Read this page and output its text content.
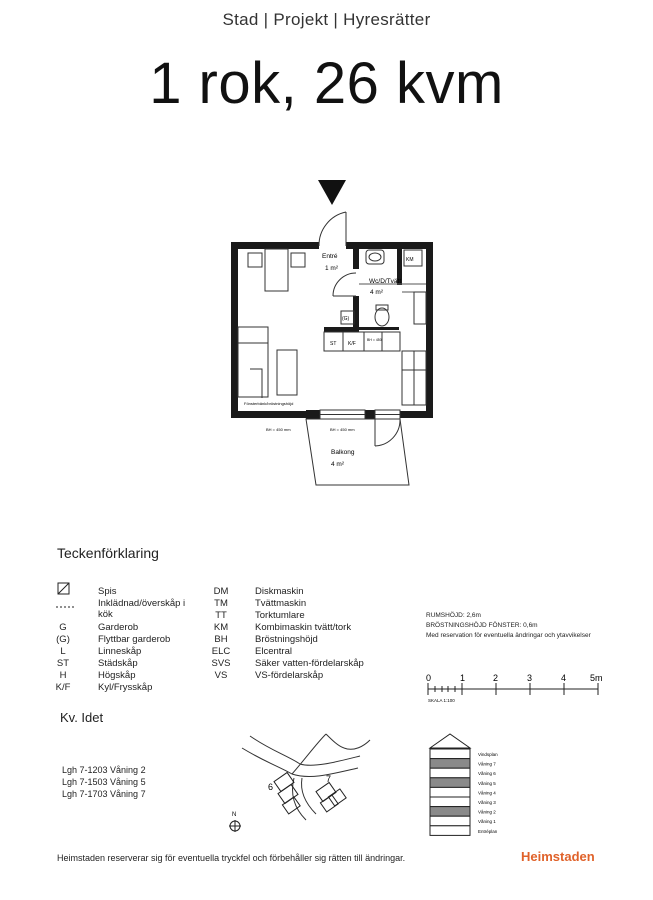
Stad | Projekt | Hyresrätter
1 rok, 26 kvm
Entré
1 m²
Wc/D/Tvätt
4 m²
KM
(G)
ST K/F
BH = 450
Fönsterbänk/bröstningshöjd
BH = 450 mm	BH = 450 mm
Balkong
4 m²
Teckenförklaring
Spis
Inklädnad/överskåp i
kök
G	Garderob
(G)	Flyttbar garderob
L	Linneskåp
ST	Städskåp
H	Högskåp
K/F	Kyl/Frysskåp
DM	Diskmaskin
TM	Tvättmaskin
TT	Torktumlare
KM	Kombimaskin tvätt/tork
BH	Bröstningshöjd
ELC	Elcentral
SVS	Säker vatten-fördelarskåp
VS	VS-fördelarskåp
RUMSHÖJD: 2,6m
BRÖSTNINGSHÖJD FÖNSTER: 0,6m
Med reservation för eventuella ändringar och ytavvikelser
0	1	2	3	4	5m
SKALA 1:100
Kv. Idet
Lgh 7-1203 Våning 2
Lgh 7-1503 Våning 5
Lgh 7-1703 Våning 7
6
7
N
Vindsplan
Våning 7
Våning 6
Våning 5
Våning 4
Våning 3
Våning 2
Våning 1
Entréplan
Heimstaden reserverar sig för eventuella tryckfel och förbehåller sig rätten till ändringar.	Heimstaden
